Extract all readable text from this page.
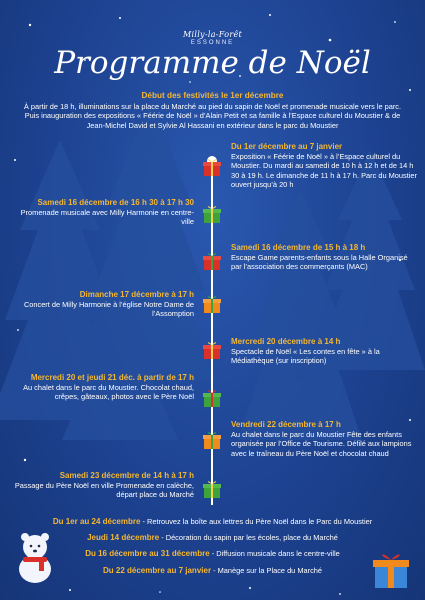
Milly-la-Forêt
ESSONNE
Programme de Noël
Début des festivités le 1er décembre
À partir de 18 h, illuminations sur la place du Marché au pied du sapin de Noël et promenade musicale vers le parc. Puis inauguration des expositions « Féérie de Noël » d’Alain Petit et sa famille à l’Espace culturel du Moustier & de Jean-Michel David et Sylvie Al Hassani en extérieur dans le parc du Moustier
Du 1er décembre au 7 janvier
Exposition « Féérie de Noël » à l’Espace culturel du Moustier. Du mardi au samedi de 10 h à 12 h et de 14 h 30 à 19 h. Le dimanche de 11 h à 17 h. Parc du Moustier ouvert jusqu’à 20 h
Samedi 16 décembre de 16 h 30 à 17 h 30
Promenade musicale avec Milly Harmonie en centre-ville
Samedi 16 décembre de 15 h à 18 h
Escape Game parents-enfants sous la Halle Organisé par l’association des commerçants (MAC)
Dimanche 17 décembre à 17 h
Concert de Milly Harmonie à l’église Notre Dame de l’Assomption
Mercredi 20 décembre à 14 h
Spectacle de Noël « Les contes en fête » à la Médiathèque (sur inscription)
Mercredi 20 et jeudi 21 déc. à partir de 17 h
Au chalet dans le parc du Moustier. Chocolat chaud, crêpes, gâteaux, photos avec le Père Noël
Vendredi 22 décembre à 17 h
Au chalet dans le parc du Moustier Fête des enfants organisée par l’Office de Tourisme. Défilé aux lampions avec le traîneau du Père Noël et chocolat chaud
Samedi 23 décembre de 14 h à 17 h
Passage du Père Noël en ville Promenade en calèche, départ place du Marché
Du 1er au 24 décembre - Retrouvez la boîte aux lettres du Père Noël dans le Parc du Moustier
Jeudi 14 décembre - Décoration du sapin par les écoles, place du Marché
Du 16 décembre au 31 décembre - Diffusion musicale dans le centre-ville
Du 22 décembre au 7 janvier - Manège sur la Place du Marché
